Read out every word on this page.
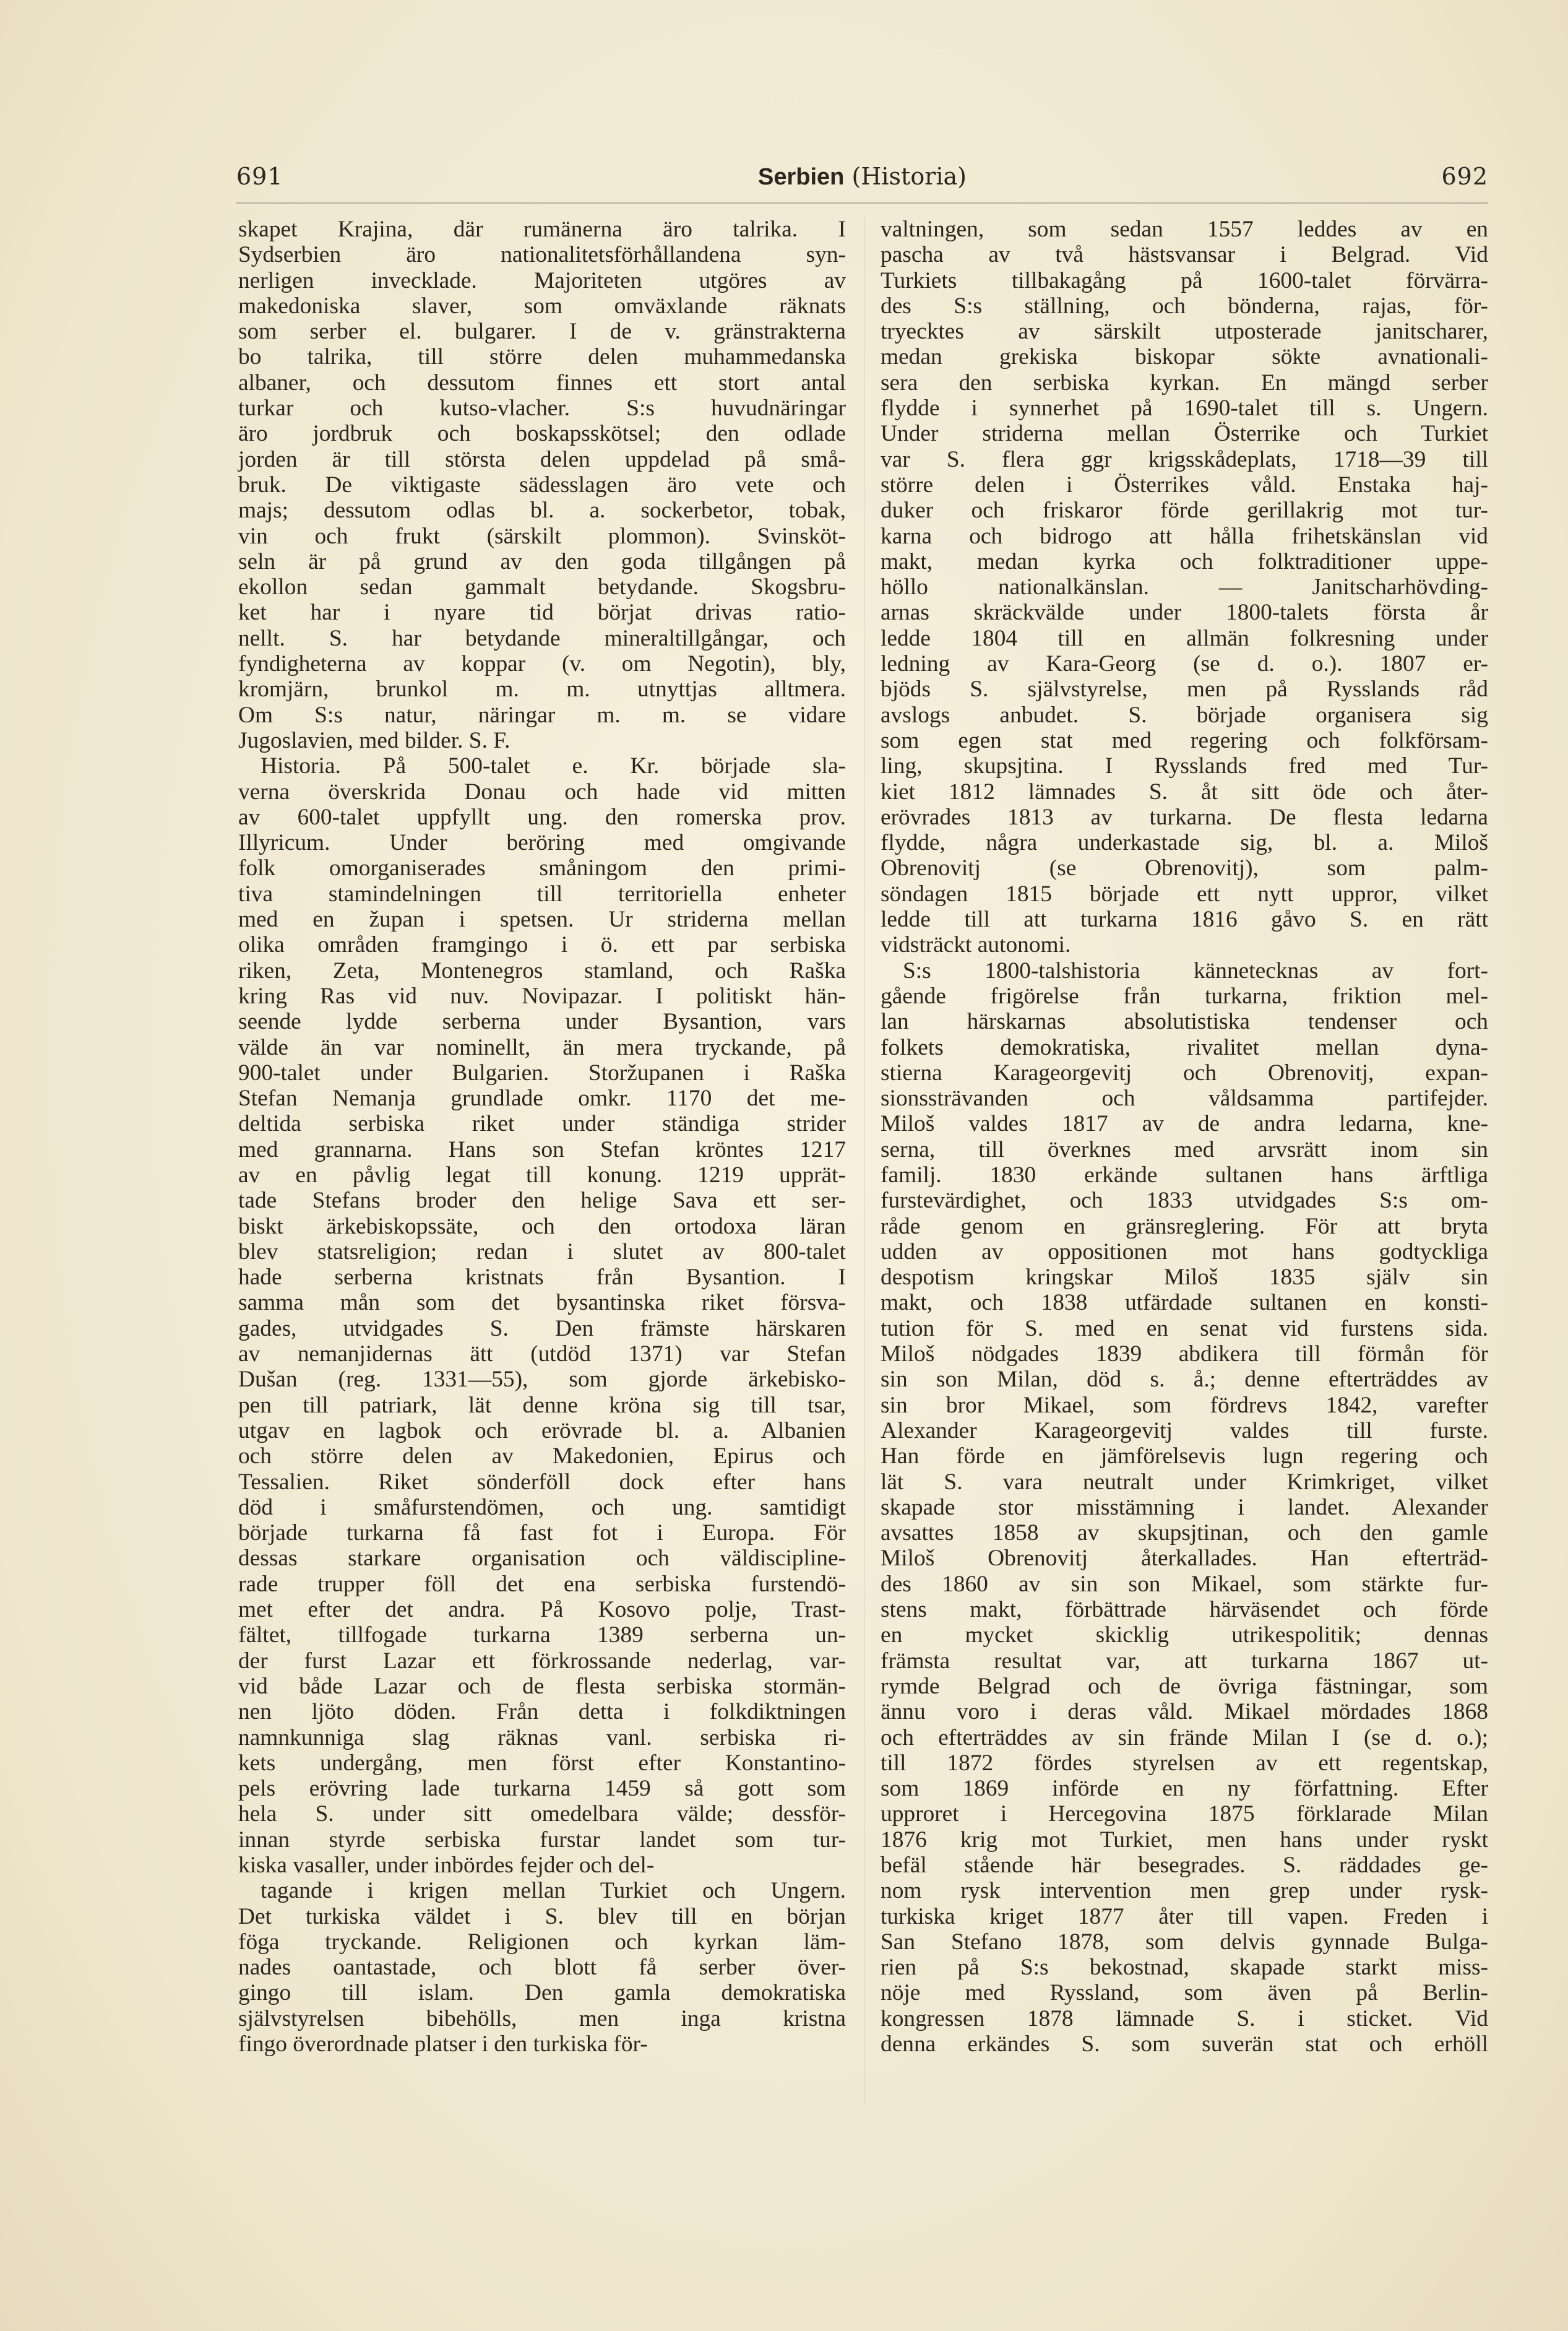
691	Serbien (Historia)	692

skapet Krajina, där rumänerna äro talrika. I

Sydserbien äro nationalitetsförhållandena syn-

nerligen invecklade. Majoriteten utgöres av

makedoniska slaver, som omväxlande räknats

som serber el. bulgarer. I de v. gränstrakterna

bo talrika, till större delen muhammedanska

albaner, och dessutom finnes ett stort antal

turkar och kutso-vlacher. S:s huvudnäringar

äro jordbruk och boskapsskötsel; den odlade

jorden är till största delen uppdelad på små-

bruk. De viktigaste sädesslagen äro vete och

majs; dessutom odlas bl. a. sockerbetor, tobak,

vin och frukt (särskilt plommon). Svinsköt-

seln är på grund av den goda tillgången på

ekollon sedan gammalt betydande. Skogsbru-

ket har i nyare tid börjat drivas ratio-

nellt. S. har betydande mineraltillgångar, och

fyndigheterna av koppar (v. om Negotin), bly,

kromjärn, brunkol m. m. utnyttjas alltmera.

Om S:s natur, näringar m. m. se vidare

Jugoslavien, med bilder. S. F.

Historia. På 500-talet e. Kr. började sla-

verna överskrida Donau och hade vid mitten

av 600-talet uppfyllt ung. den romerska prov.

Illyricum. Under beröring med omgivande

folk omorganiserades småningom den primi-

tiva stamindelningen till territoriella enheter

med en župan i spetsen. Ur striderna mellan

olika områden framgingo i ö. ett par serbiska

riken, Zeta, Montenegros stamland, och Raška

kring Ras vid nuv. Novipazar. I politiskt hän-

seende lydde serberna under Bysantion, vars

välde än var nominellt, än mera tryckande, på

900-talet under Bulgarien. Storžupanen i Raška

Stefan Nemanja grundlade omkr. 1170 det me-

deltida serbiska riket under ständiga strider

med grannarna. Hans son Stefan kröntes 1217

av en påvlig legat till konung. 1219 upprät-

tade Stefans broder den helige Sava ett ser-

biskt ärkebiskopssäte, och den ortodoxa läran

blev statsreligion; redan i slutet av 800-talet

hade serberna kristnats från Bysantion. I

samma mån som det bysantinska riket försva-

gades, utvidgades S. Den främste härskaren

av nemanjidernas ätt (utdöd 1371) var Stefan

Dušan (reg. 1331—55), som gjorde ärkebisko-

pen till patriark, lät denne kröna sig till tsar,

utgav en lagbok och erövrade bl. a. Albanien

och större delen av Makedonien, Epirus och

Tessalien. Riket sönderföll dock efter hans

död i småfurstendömen, och ung. samtidigt

började turkarna få fast fot i Europa. För

dessas starkare organisation och väldiscipline-

rade trupper föll det ena serbiska furstendö-

met efter det andra. På Kosovo polje, Trast-

fältet, tillfogade turkarna 1389 serberna un-

der furst Lazar ett förkrossande nederlag, var-

vid både Lazar och de flesta serbiska stormän-

nen ljöto döden. Från detta i folkdiktningen

namnkunniga slag räknas vanl. serbiska ri-

kets undergång, men först efter Konstantino-

pels erövring lade turkarna 1459 så gott som

hela S. under sitt omedelbara välde; dessför-

innan styrde serbiska furstar landet som tur-

kiska vasaller, under inbördes fejder och del-

tagande i krigen mellan Turkiet och Ungern.

Det turkiska väldet i S. blev till en början

föga tryckande. Religionen och kyrkan läm-

nades oantastade, och blott få serber över-

gingo till islam. Den gamla demokratiska

självstyrelsen bibehölls, men inga kristna

fingo överordnade platser i den turkiska för-

valtningen, som sedan 1557 leddes av en

pascha av två hästsvansar i Belgrad. Vid

Turkiets tillbakagång på 1600-talet förvärra-

des S:s ställning, och bönderna, rajas, för-

tryecktes av särskilt utposterade janitscharer,

medan grekiska biskopar sökte avnationali-

sera den serbiska kyrkan. En mängd serber

flydde i synnerhet på 1690-talet till s. Ungern.

Under striderna mellan Österrike och Turkiet

var S. flera ggr krigsskådeplats, 1718—39 till

större delen i Österrikes våld. Enstaka haj-

duker och friskaror förde gerillakrig mot tur-

karna och bidrogo att hålla frihetskänslan vid

makt, medan kyrka och folktraditioner uppe-

höllo nationalkänslan. — Janitscharhövding-

arnas skräckvälde under 1800-talets första år

ledde 1804 till en allmän folkresning under

ledning av Kara-Georg (se d. o.). 1807 er-

bjöds S. självstyrelse, men på Rysslands råd

avslogs anbudet. S. började organisera sig

som egen stat med regering och folkförsam-

ling, skupsjtina. I Rysslands fred med Tur-

kiet 1812 lämnades S. åt sitt öde och åter-

erövrades 1813 av turkarna. De flesta ledarna

flydde, några underkastade sig, bl. a. Miloš

Obrenovitj (se Obrenovitj), som palm-

söndagen 1815 började ett nytt uppror, vilket

ledde till att turkarna 1816 gåvo S. en rätt

vidsträckt autonomi.

S:s 1800-talshistoria kännetecknas av fort-

gående frigörelse från turkarna, friktion mel-

lan härskarnas absolutistiska tendenser och

folkets demokratiska, rivalitet mellan dyna-

stierna Karageorgevitj och Obrenovitj, expan-

sionssträvanden och våldsamma partifejder.

Miloš valdes 1817 av de andra ledarna, kne-

serna, till överknes med arvsrätt inom sin

familj. 1830 erkände sultanen hans ärftliga

furstevärdighet, och 1833 utvidgades S:s om-

råde genom en gränsreglering. För att bryta

udden av oppositionen mot hans godtyckliga

despotism kringskar Miloš 1835 själv sin

makt, och 1838 utfärdade sultanen en konsti-

tution för S. med en senat vid furstens sida.

Miloš nödgades 1839 abdikera till förmån för

sin son Milan, död s. å.; denne efterträddes av

sin bror Mikael, som fördrevs 1842, varefter

Alexander Karageorgevitj valdes till furste.

Han förde en jämförelsevis lugn regering och

lät S. vara neutralt under Krimkriget, vilket

skapade stor misstämning i landet. Alexander

avsattes 1858 av skupsjtinan, och den gamle

Miloš Obrenovitj återkallades. Han efterträd-

des 1860 av sin son Mikael, som stärkte fur-

stens makt, förbättrade härväsendet och förde

en mycket skicklig utrikespolitik; dennas

främsta resultat var, att turkarna 1867 ut-

rymde Belgrad och de övriga fästningar, som

ännu voro i deras våld. Mikael mördades 1868

och efterträddes av sin frände Milan I (se d. o.);

till 1872 fördes styrelsen av ett regentskap,

som 1869 införde en ny författning. Efter

upproret i Hercegovina 1875 förklarade Milan

1876 krig mot Turkiet, men hans under ryskt

befäl stående här besegrades. S. räddades ge-

nom rysk intervention men grep under rysk-

turkiska kriget 1877 åter till vapen. Freden i

San Stefano 1878, som delvis gynnade Bulga-

rien på S:s bekostnad, skapade starkt miss-

nöje med Ryssland, som även på Berlin-

kongressen 1878 lämnade S. i sticket. Vid

denna erkändes S. som suverän stat och erhöll
